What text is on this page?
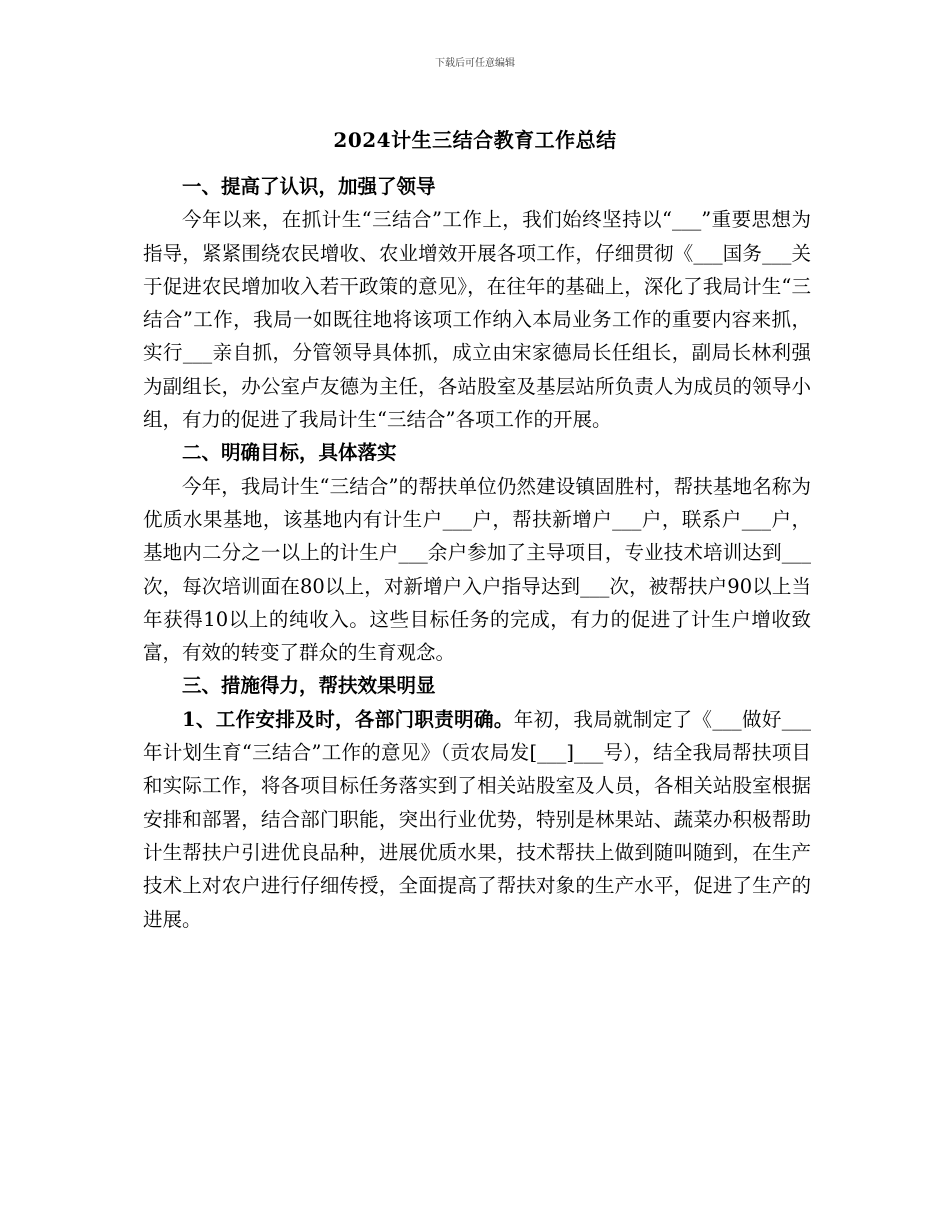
下载后可任意编辑
2024计生三结合教育工作总结

一、提高了认识，加强了领导

今年以来，在抓计生“三结合”工作上，我们始终坚持以“___”重要思想为指导，紧紧围绕农民增收、农业增效开展各项工作，仔细贯彻《___国务___关于促进农民增加收入若干政策的意见》，在往年的基础上，深化了我局计生“三结合”工作，我局一如既往地将该项工作纳入本局业务工作的重要内容来抓，实行___亲自抓，分管领导具体抓，成立由宋家德局长任组长，副局长林利强为副组长，办公室卢友德为主任，各站股室及基层站所负责人为成员的领导小组，有力的促进了我局计生“三结合”各项工作的开展。

二、明确目标，具体落实

今年，我局计生“三结合”的帮扶单位仍然建设镇固胜村，帮扶基地名称为优质水果基地，该基地内有计生户___户，帮扶新增户___户，联系户___户，基地内二分之一以上的计生户___余户参加了主导项目，专业技术培训达到___次，每次培训面在80以上，对新增户入户指导达到___次，被帮扶户90以上当年获得10以上的纯收入。这些目标任务的完成，有力的促进了计生户增收致富，有效的转变了群众的生育观念。

三、措施得力，帮扶效果明显

1、工作安排及时，各部门职责明确。年初，我局就制定了《___做好___年计划生育“三结合”工作的意见》（贡农局发[___]___号），结全我局帮扶项目和实际工作，将各项目标任务落实到了相关站股室及人员，各相关站股室根据安排和部署，结合部门职能，突出行业优势，特别是林果站、蔬菜办积极帮助计生帮扶户引进优良品种，进展优质水果，技术帮扶上做到随叫随到，在生产技术上对农户进行仔细传授，全面提高了帮扶对象的生产水平，促进了生产的进展。
